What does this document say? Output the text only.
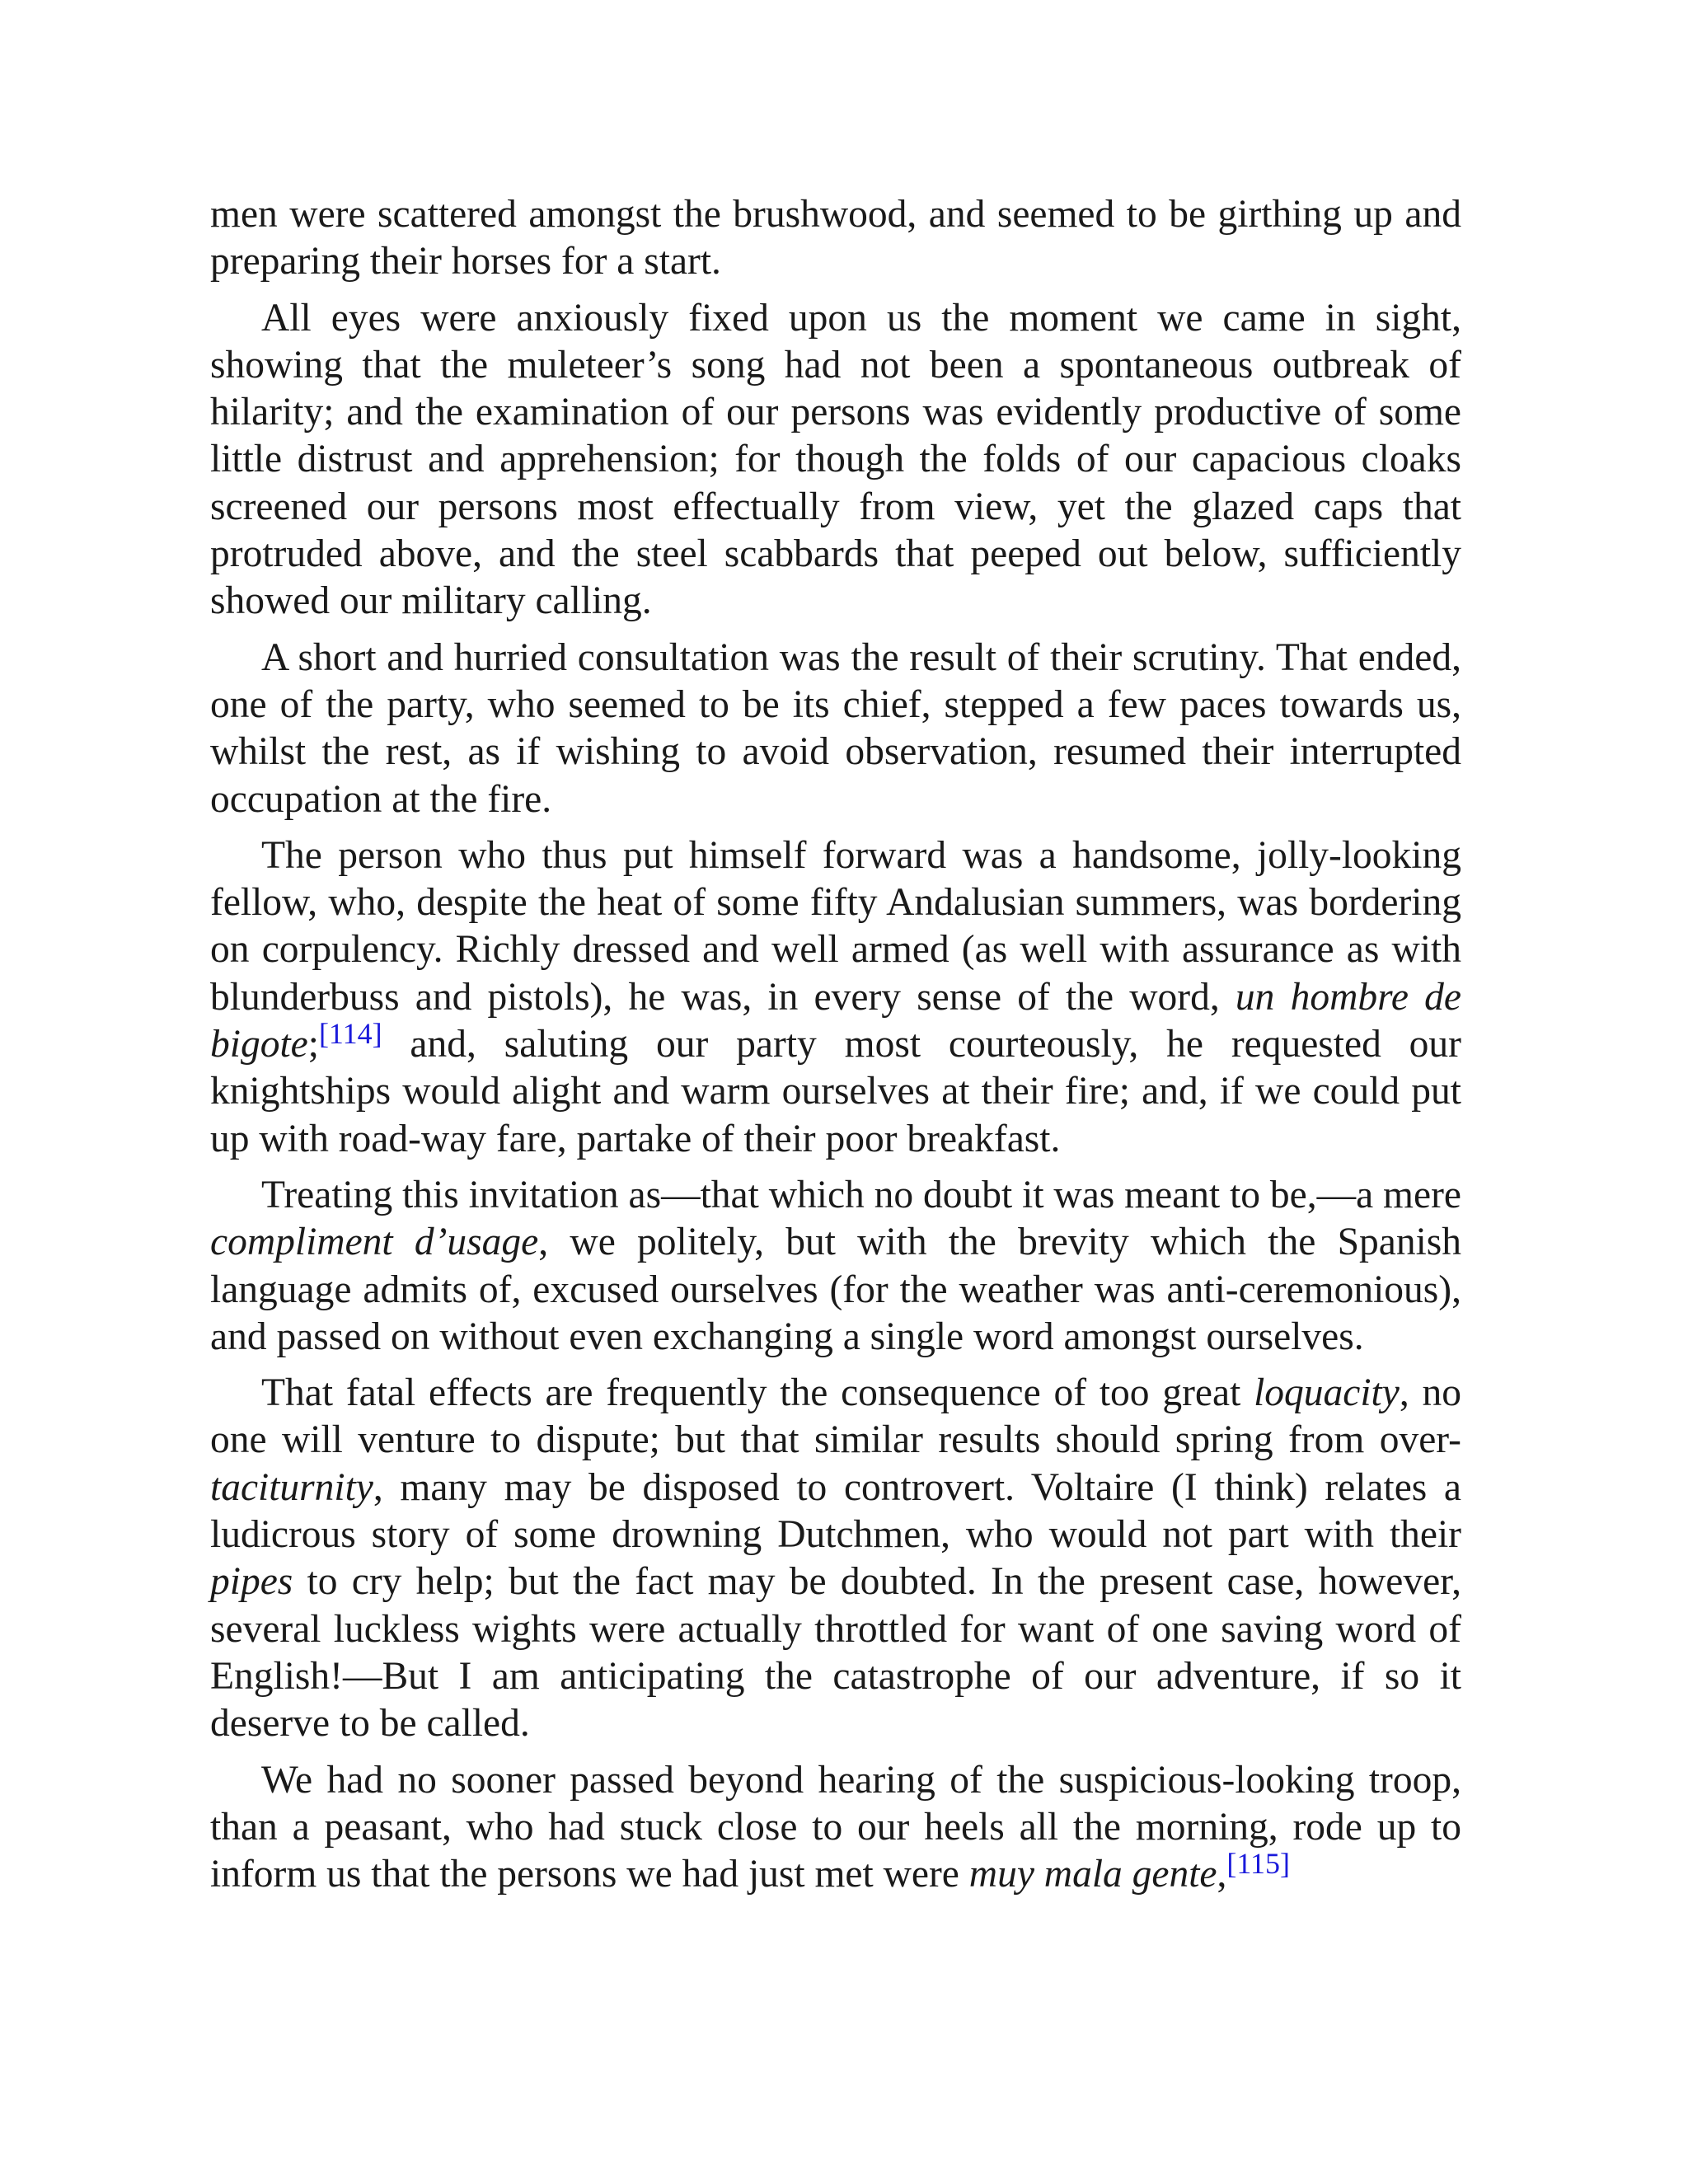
men were scattered amongst the brushwood, and seemed to be girthing up and preparing their horses for a start.

All eyes were anxiously fixed upon us the moment we came in sight, showing that the muleteer’s song had not been a spontaneous outbreak of hilarity; and the examination of our persons was evidently productive of some little distrust and apprehension; for though the folds of our capacious cloaks screened our persons most effectually from view, yet the glazed caps that protruded above, and the steel scabbards that peeped out below, sufficiently showed our military calling.

A short and hurried consultation was the result of their scrutiny. That ended, one of the party, who seemed to be its chief, stepped a few paces towards us, whilst the rest, as if wishing to avoid observation, resumed their interrupted occupation at the fire.

The person who thus put himself forward was a handsome, jolly-looking fellow, who, despite the heat of some fifty Andalusian summers, was bordering on corpulency. Richly dressed and well armed (as well with assurance as with blunderbuss and pistols), he was, in every sense of the word, un hombre de bigote;[114] and, saluting our party most courteously, he requested our knightships would alight and warm ourselves at their fire; and, if we could put up with road-way fare, partake of their poor breakfast.

Treating this invitation as—that which no doubt it was meant to be,—a mere compliment d’usage, we politely, but with the brevity which the Spanish language admits of, excused ourselves (for the weather was anti-ceremonious), and passed on without even exchanging a single word amongst ourselves.

That fatal effects are frequently the consequence of too great loquacity, no one will venture to dispute; but that similar results should spring from over-taciturnity, many may be disposed to controvert. Voltaire (I think) relates a ludicrous story of some drowning Dutchmen, who would not part with their pipes to cry help; but the fact may be doubted. In the present case, however, several luckless wights were actually throttled for want of one saving word of English!—But I am anticipating the catastrophe of our adventure, if so it deserve to be called.

We had no sooner passed beyond hearing of the suspicious-looking troop, than a peasant, who had stuck close to our heels all the morning, rode up to inform us that the persons we had just met were muy mala gente,[115]
